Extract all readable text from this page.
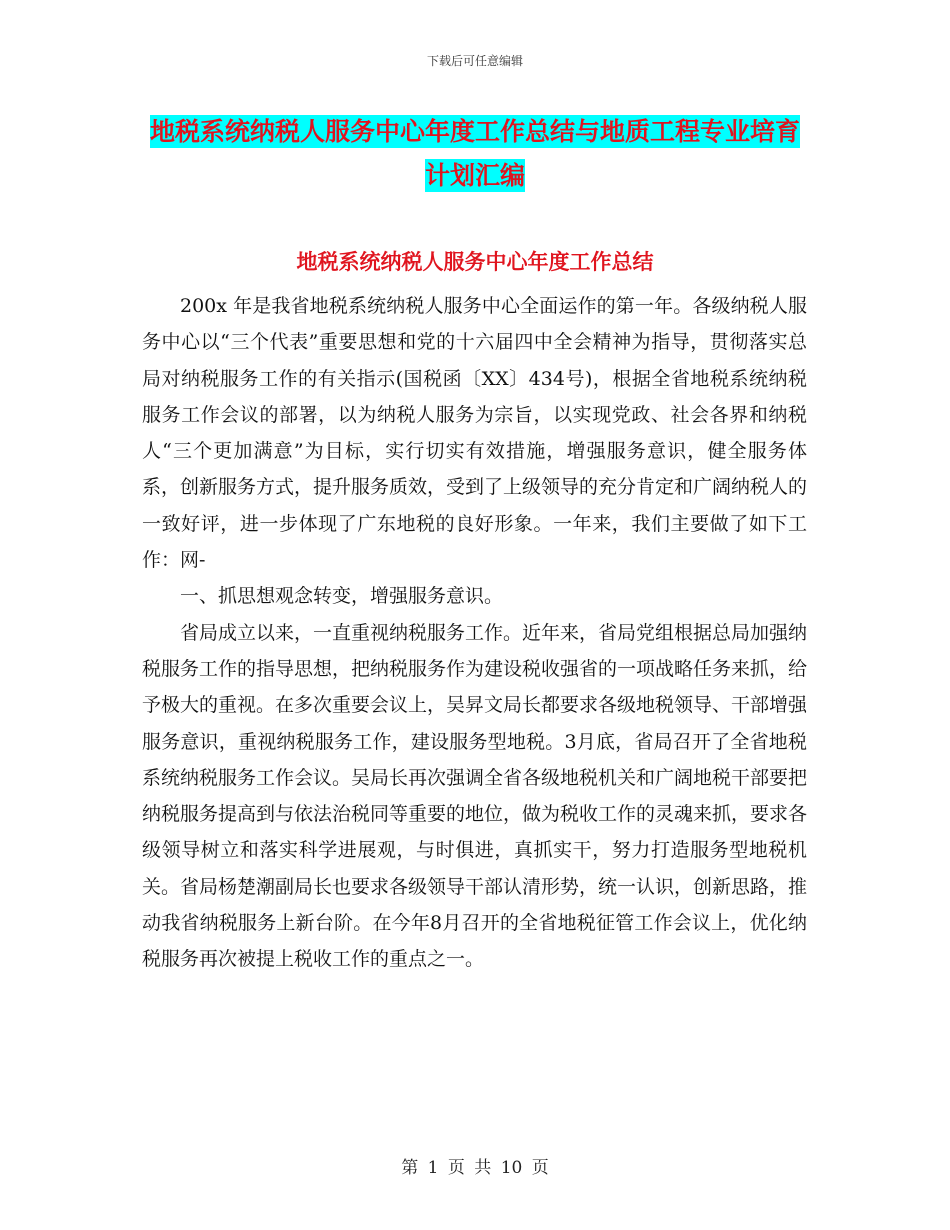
下载后可任意编辑
地税系统纳税人服务中心年度工作总结与地质工程专业培育计划汇编
地税系统纳税人服务中心年度工作总结

200x 年是我省地税系统纳税人服务中心全面运作的第一年。各级纳税人服务中心以“三个代表”重要思想和党的十六届四中全会精神为指导，贯彻落实总局对纳税服务工作的有关指示(国税函〔XX〕434号)，根据全省地税系统纳税服务工作会议的部署，以为纳税人服务为宗旨，以实现党政、社会各界和纳税人“三个更加满意”为目标，实行切实有效措施，增强服务意识，健全服务体系，创新服务方式，提升服务质效，受到了上级领导的充分肯定和广阔纳税人的一致好评，进一步体现了广东地税的良好形象。一年来，我们主要做了如下工作：网-

一、抓思想观念转变，增强服务意识。

省局成立以来，一直重视纳税服务工作。近年来，省局党组根据总局加强纳税服务工作的指导思想，把纳税服务作为建设税收强省的一项战略任务来抓，给予极大的重视。在多次重要会议上，吴昇文局长都要求各级地税领导、干部增强服务意识，重视纳税服务工作，建设服务型地税。3月底，省局召开了全省地税系统纳税服务工作会议。吴局长再次强调全省各级地税机关和广阔地税干部要把纳税服务提高到与依法治税同等重要的地位，做为税收工作的灵魂来抓，要求各级领导树立和落实科学进展观，与时俱进，真抓实干，努力打造服务型地税机关。省局杨楚潮副局长也要求各级领导干部认清形势，统一认识，创新思路，推动我省纳税服务上新台阶。在今年8月召开的全省地税征管工作会议上，优化纳税服务再次被提上税收工作的重点之一。

第 1 页 共 10 页
